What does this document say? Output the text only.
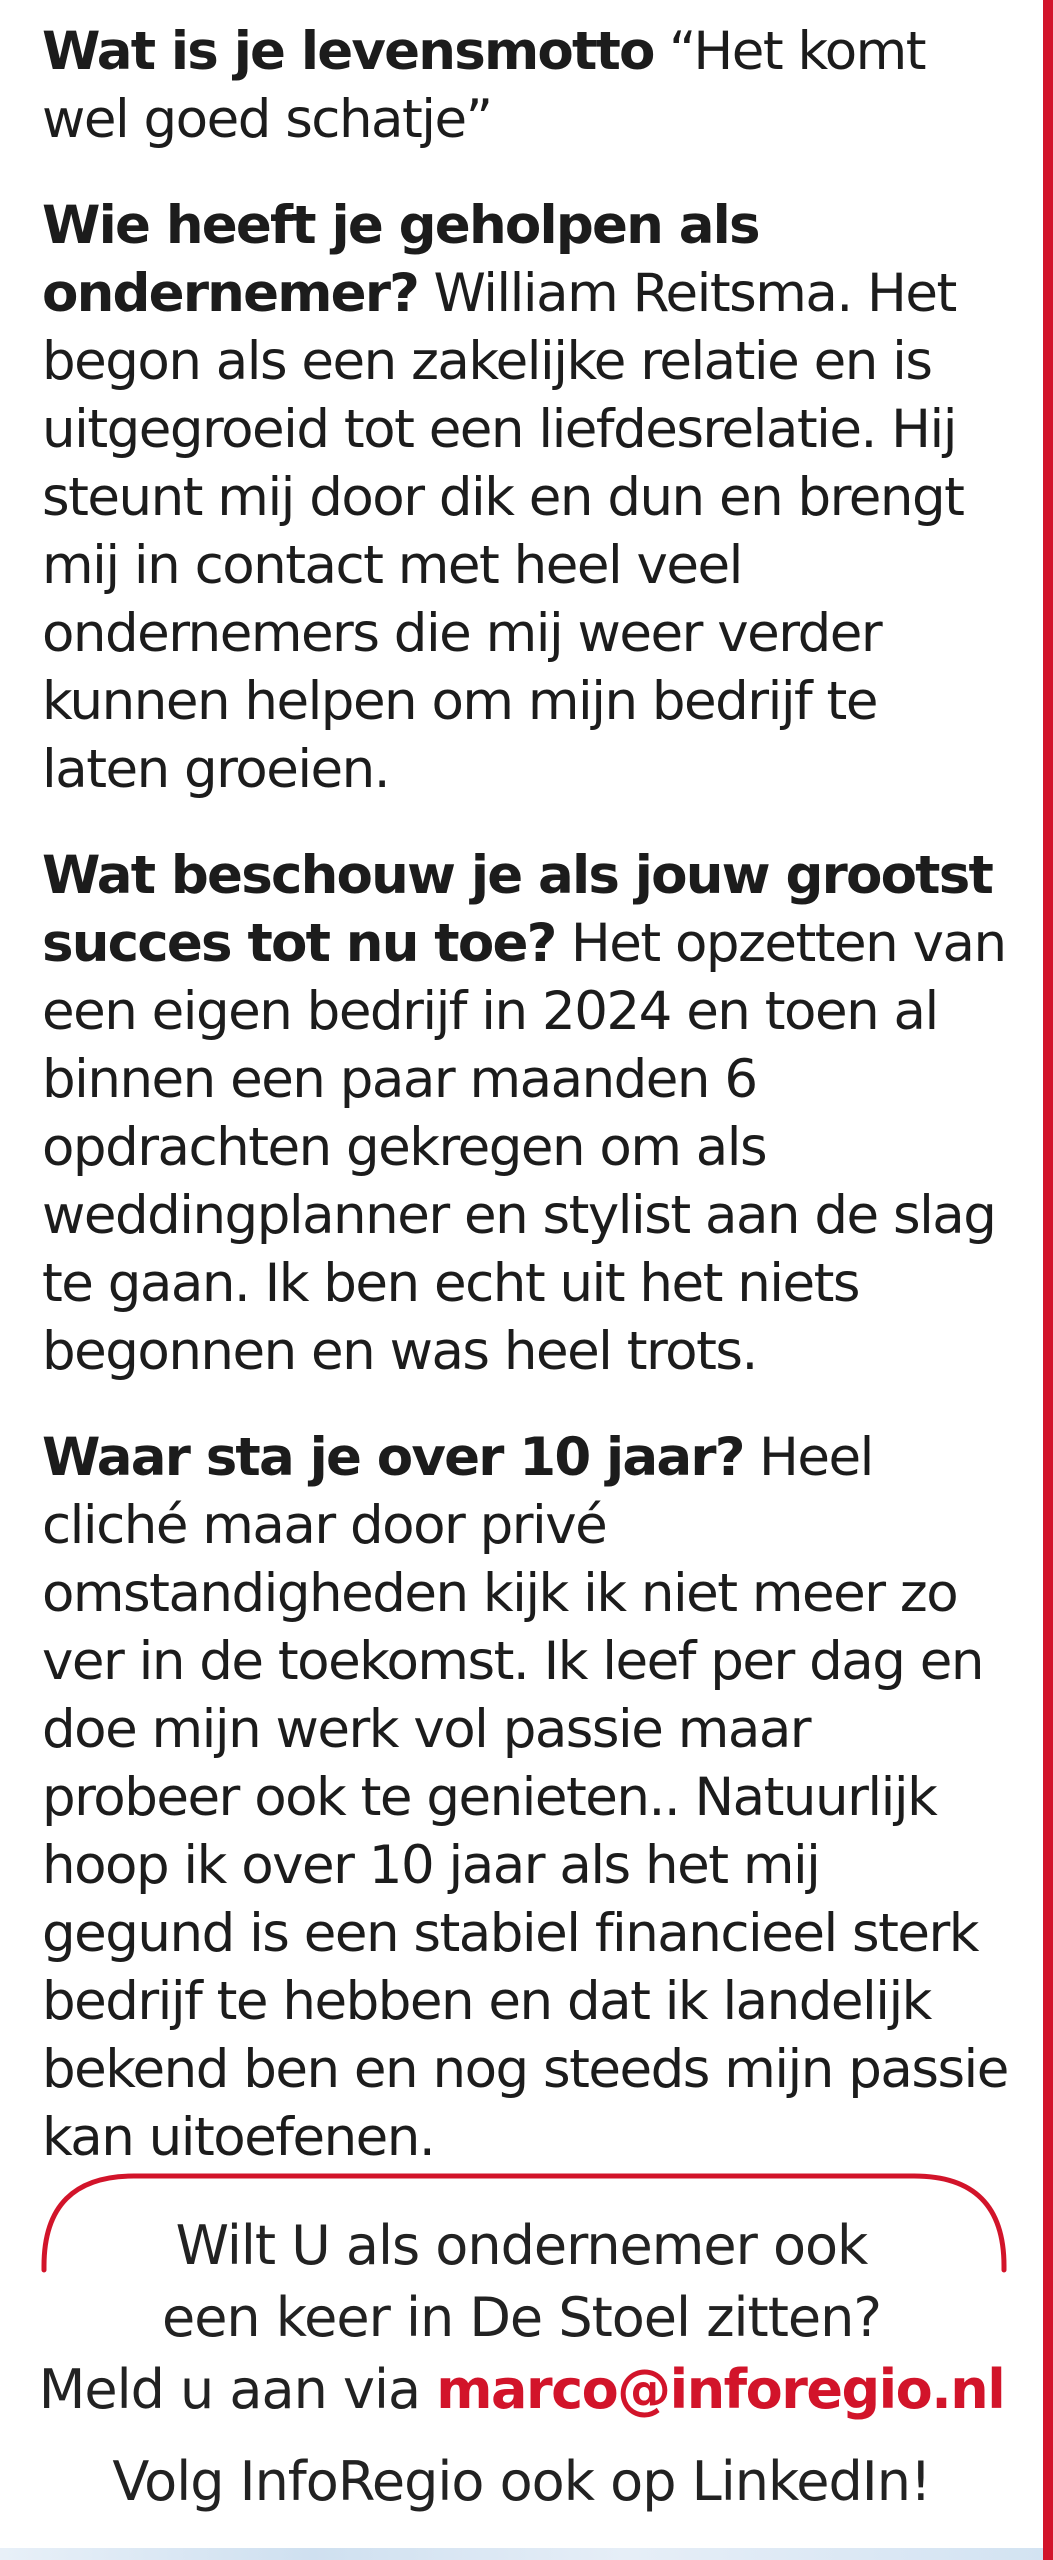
Wat is je levensmotto “Het komt wel goed schatje”

Wie heeft je geholpen als ondernemer? William Reitsma. Het begon als een zakelijke relatie en is uitgegroeid tot een liefdesrelatie. Hij steunt mij door dik en dun en brengt mij in contact met heel veel ondernemers die mij weer verder kunnen helpen om mijn bedrijf te laten groeien.

Wat beschouw je als jouw grootst succes tot nu toe? Het opzetten van een eigen bedrijf in 2024 en toen al binnen een paar maanden 6 opdrachten gekregen om als weddingplanner en stylist aan de slag te gaan. Ik ben echt uit het niets begonnen en was heel trots.

Waar sta je over 10 jaar? Heel cliché maar door privé omstandigheden kijk ik niet meer zo ver in de toekomst. Ik leef per dag en doe mijn werk vol passie maar probeer ook te genieten.. Natuurlijk hoop ik over 10 jaar als het mij gegund is een stabiel financieel sterk bedrijf te hebben en dat ik landelijk bekend ben en nog steeds mijn passie kan uitoefenen.

Wilt U als ondernemer ook
een keer in De Stoel zitten?
Meld u aan via marco@inforegio.nl
Volg InfoRegio ook op LinkedIn!
